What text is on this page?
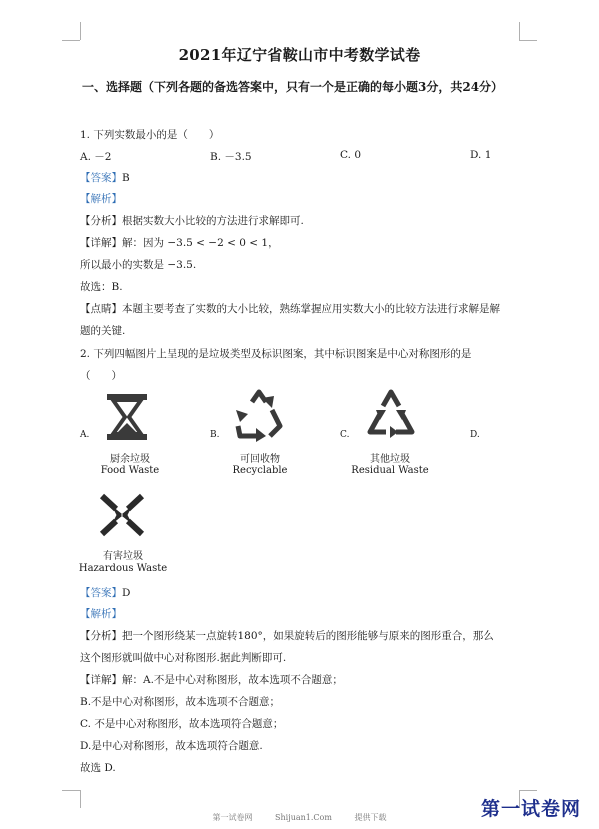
2021年辽宁省鞍山市中考数学试卷
一、选择题（下列各题的备选答案中，只有一个是正确的每小题3分，共24分）
1. 下列实数最小的是（　　）
A. －2	B. －3.5	C. 0	D. 1
【答案】B
【解析】
【分析】根据实数大小比较的方法进行求解即可.
【详解】解：因为 −3.5 < −2 < 0 < 1，
所以最小的实数是 −3.5.
故选：B.
【点睛】本题主要考查了实数的大小比较，熟练掌握应用实数大小的比较方法进行求解是解
题的关键.
2. 下列四幅图片上呈现的是垃圾类型及标识图案，其中标识图案是中心对称图形的是
（　　）
A.	B.	C.	D.
厨余垃圾
Food Waste
可回收物
Recyclable
其他垃圾
Residual Waste
有害垃圾
Hazardous Waste
【答案】D
【解析】
【分析】把一个图形绕某一点旋转180°，如果旋转后的图形能够与原来的图形重合，那么
这个图形就叫做中心对称图形.据此判断即可.
【详解】解：A.不是中心对称图形，故本选项不合题意；
B.不是中心对称图形，故本选项不合题意；
C. 不是中心对称图形，故本选项符合题意；
D.是中心对称图形，故本选项符合题意.
故选 D.
第一试卷网	Shijuan1.Com	提供下载	第一试卷网
